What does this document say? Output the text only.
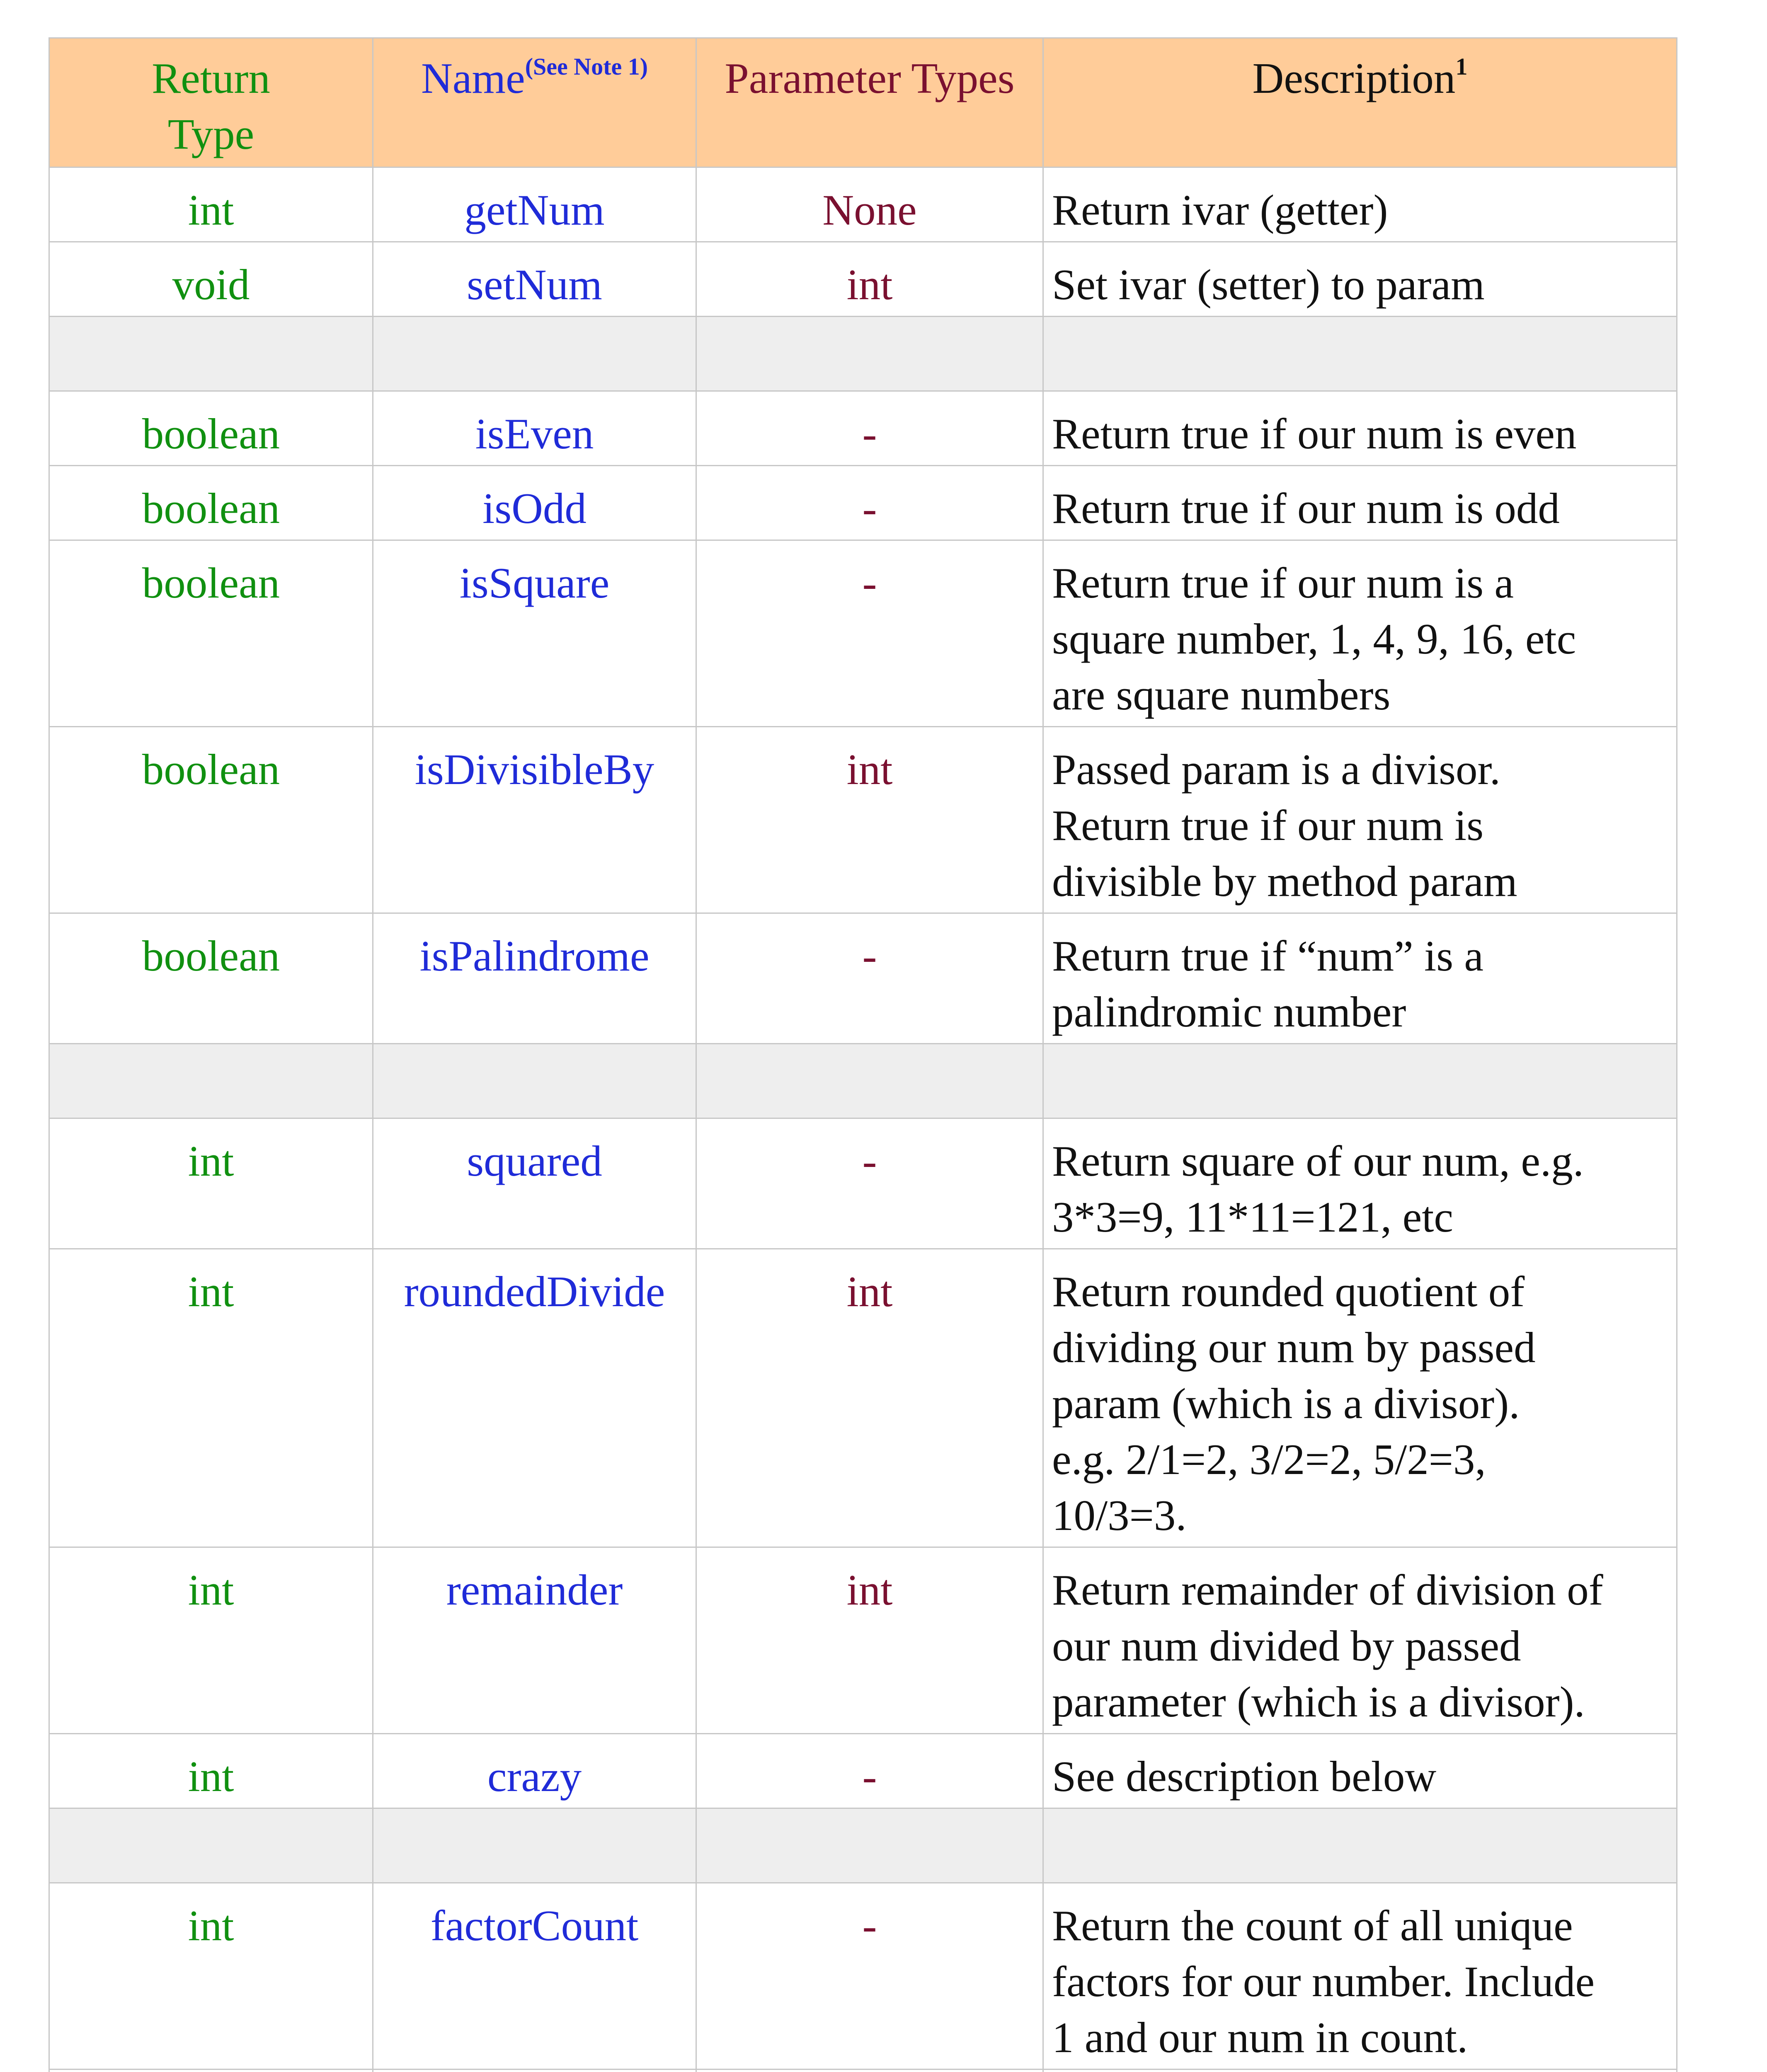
Return
Type	Name$^{(See Note 1)}$	Parameter Types	Description$^1$
int	getNum	None	Return ivar (getter)
void	setNum	int	Set ivar (setter) to param

boolean	isEven	-	Return true if our num is even
boolean	isOdd	-	Return true if our num is odd
boolean	isSquare	-	Return true if our num is a
square number, 1, 4, 9, 16, etc
are square numbers
boolean	isDivisibleBy	int	Passed param is a divisor.
Return true if our num is
divisible by method param
boolean	isPalindrome	-	Return true if “num” is a
palindromic number

int	squared	-	Return square of our num, e.g.
3*3=9, 11*11=121, etc
int	roundedDivide	int	Return rounded quotient of
dividing our num by passed
param (which is a divisor).
e.g. 2/1=2, 3/2=2, 5/2=3,
10/3=3.
int	remainder	int	Return remainder of division of
our num divided by passed
parameter (which is a divisor).
int	crazy	-	See description below

int	factorCount	-	Return the count of all unique
factors for our number. Include
1 and our num in count.
